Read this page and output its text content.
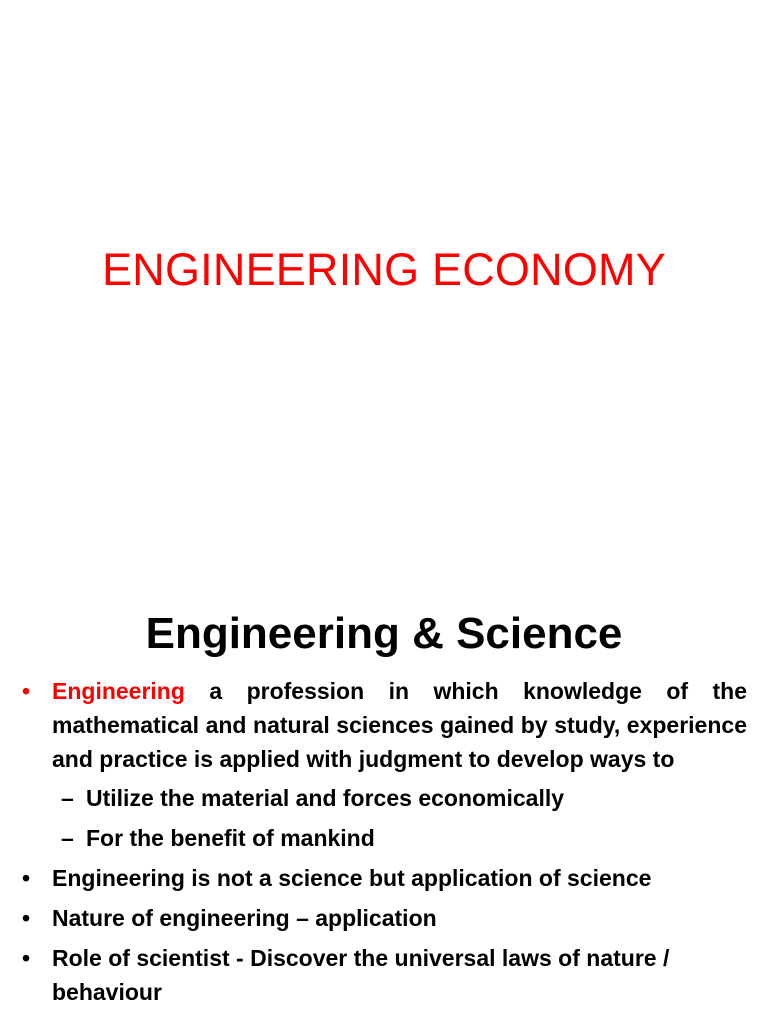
ENGINEERING ECONOMY
Engineering & Science
• Engineering a profession in which knowledge of the mathematical and natural sciences gained by study, experience and practice is applied with judgment to develop ways to
– Utilize the material and forces economically
– For the benefit of mankind
• Engineering is not a science but application of science
• Nature of engineering – application
• Role of scientist - Discover the universal laws of nature / behaviour
